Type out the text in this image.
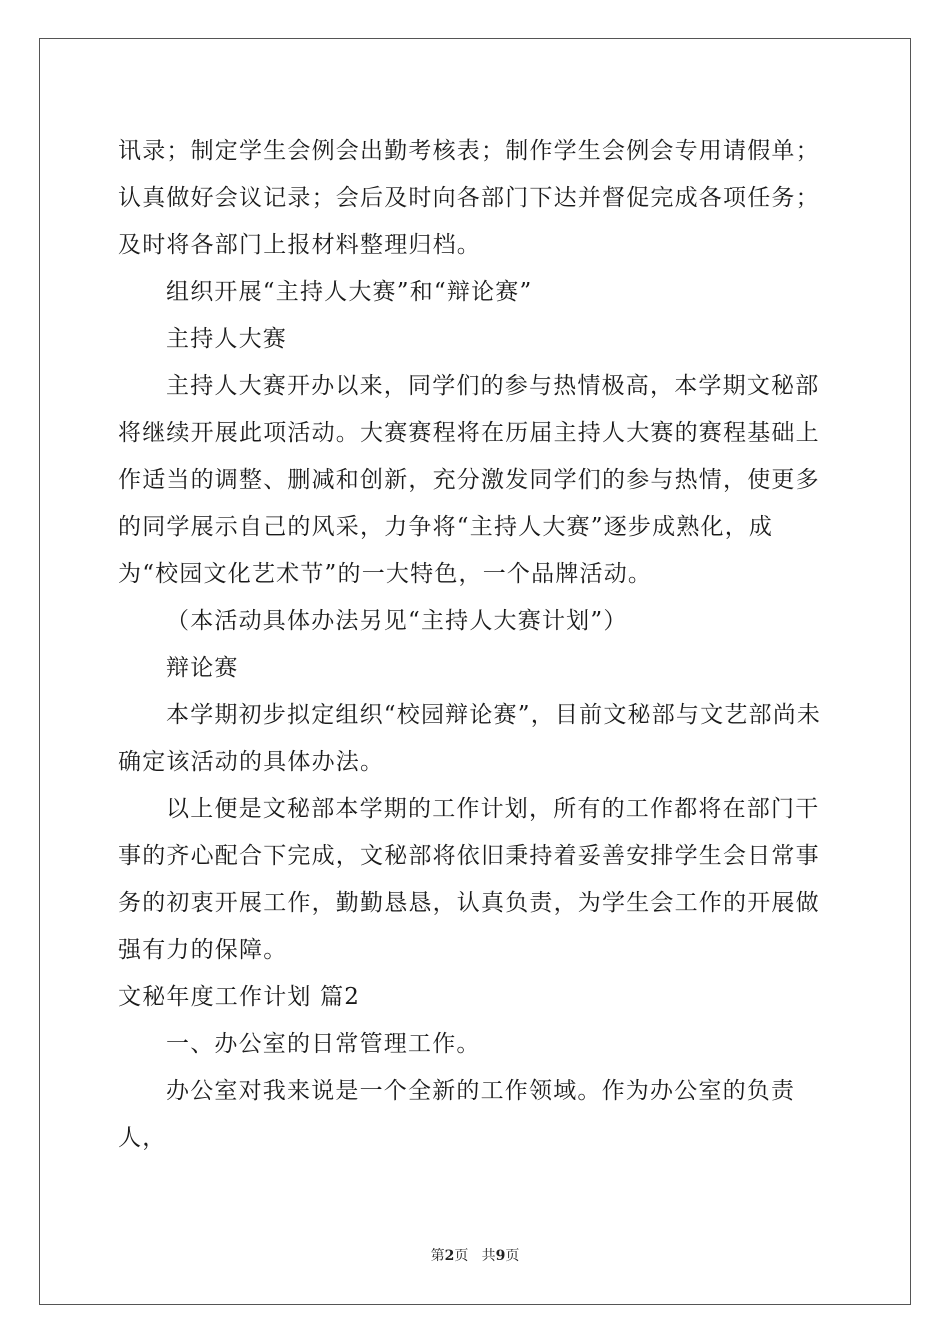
讯录；制定学生会例会出勤考核表；制作学生会例会专用请假单；认真做好会议记录；会后及时向各部门下达并督促完成各项任务；及时将各部门上报材料整理归档。

组织开展“主持人大赛”和“辩论赛”

主持人大赛

主持人大赛开办以来，同学们的参与热情极高，本学期文秘部将继续开展此项活动。大赛赛程将在历届主持人大赛的赛程基础上作适当的调整、删减和创新，充分激发同学们的参与热情，使更多的同学展示自己的风采，力争将“主持人大赛”逐步成熟化，成为“校园文化艺术节”的一大特色，一个品牌活动。

（本活动具体办法另见“主持人大赛计划”）

辩论赛

本学期初步拟定组织“校园辩论赛”，目前文秘部与文艺部尚未确定该活动的具体办法。

以上便是文秘部本学期的工作计划，所有的工作都将在部门干事的齐心配合下完成，文秘部将依旧秉持着妥善安排学生会日常事务的初衷开展工作，勤勤恳恳，认真负责，为学生会工作的开展做强有力的保障。

文秘年度工作计划 篇2

一、办公室的日常管理工作。

办公室对我来说是一个全新的工作领域。作为办公室的负责人，

第2页 共9页
